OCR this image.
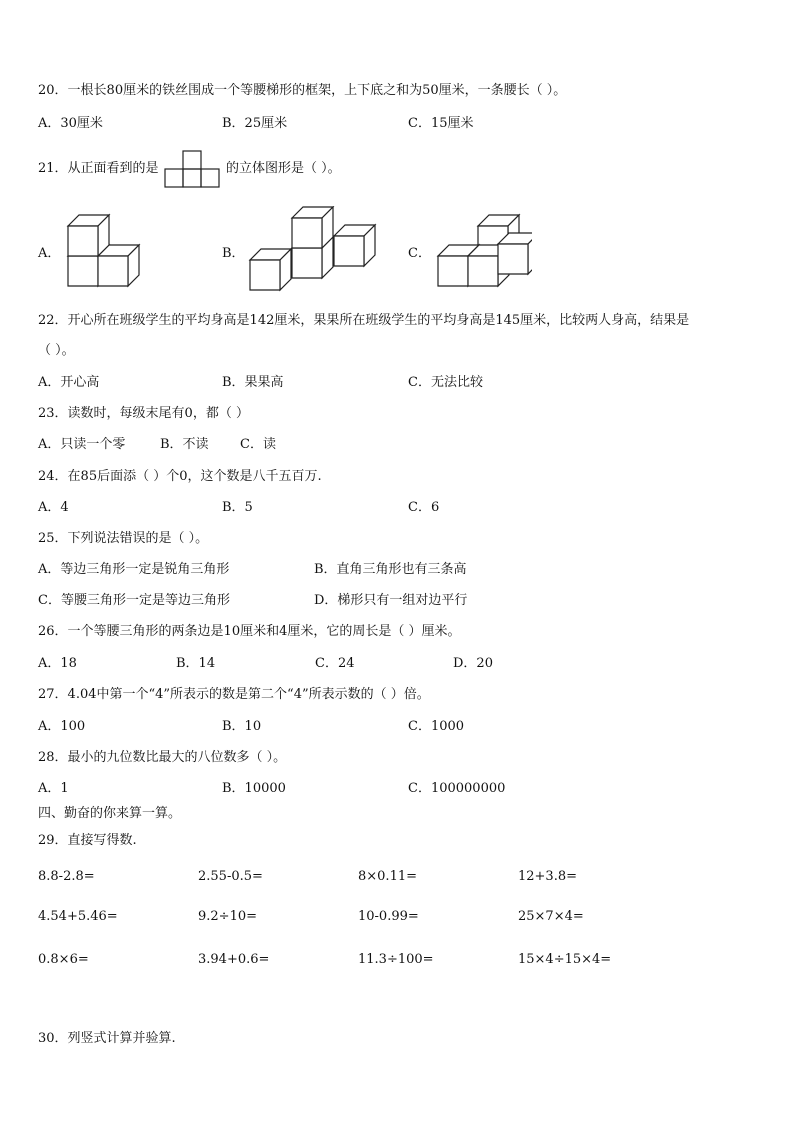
20．一根长80厘米的铁丝围成一个等腰梯形的框架，上下底之和为50厘米，一条腰长（ ）。
A．30厘米	B．25厘米	C．15厘米
21．从正面看到的是	的立体图形是（ ）。
A．	B．	C．
22．开心所在班级学生的平均身高是142厘米，果果所在班级学生的平均身高是145厘米，比较两人身高，结果是
（ ）。
A．开心高	B．果果高	C．无法比较
23．读数时，每级末尾有0，都（ ）
A．只读一个零	B．不读 C．读
24．在85后面添（ ）个0，这个数是八千五百万.
A．4	B．5	C．6
25．下列说法错误的是（ ）。
A．等边三角形一定是锐角三角形	B．直角三角形也有三条高
C．等腰三角形一定是等边三角形	D．梯形只有一组对边平行
26．一个等腰三角形的两条边是10厘米和4厘米，它的周长是（ ）厘米。
A．18	B．14	C．24	D．20
27．4.04中第一个“4”所表示的数是第二个“4”所表示数的（ ）倍。
A．100	B．10	C．1000
28．最小的九位数比最大的八位数多（ ）。
A．1	B．10000	C．100000000
四、勤奋的你来算一算。
29．直接写得数.
8.8-2.8=	2.55-0.5=	8×0.11=	12+3.8=
4.54+5.46=	9.2÷10=	10-0.99=	25×7×4=
0.8×6=	3.94+0.6=	11.3÷100=	15×4÷15×4=
30．列竖式计算并验算.
